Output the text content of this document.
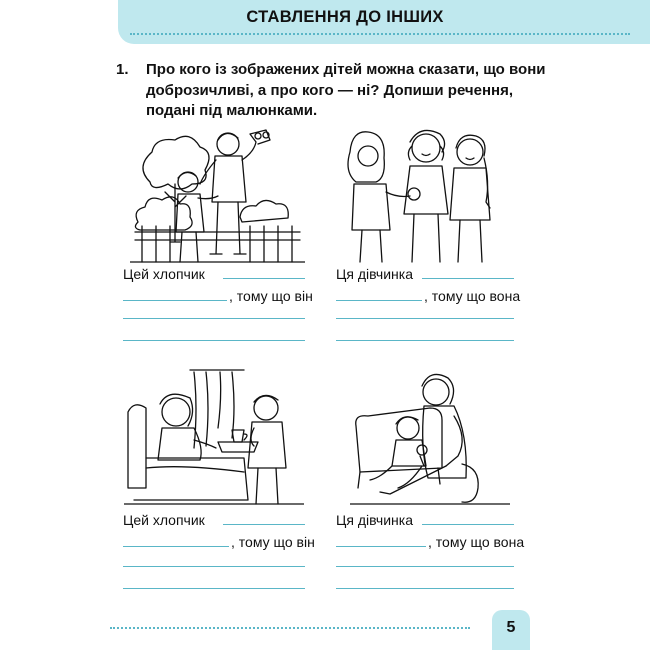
СТАВЛЕННЯ ДО ІНШИХ
1. Про кого із зображених дітей можна сказати, що вони доброзичливі, а про кого — ні? Допиши речення, подані під малюнками.
Цей хлопчик
, тому що він
Ця дівчинка
, тому що вона
Цей хлопчик
, тому що він
Ця дівчинка
, тому що вона
5
